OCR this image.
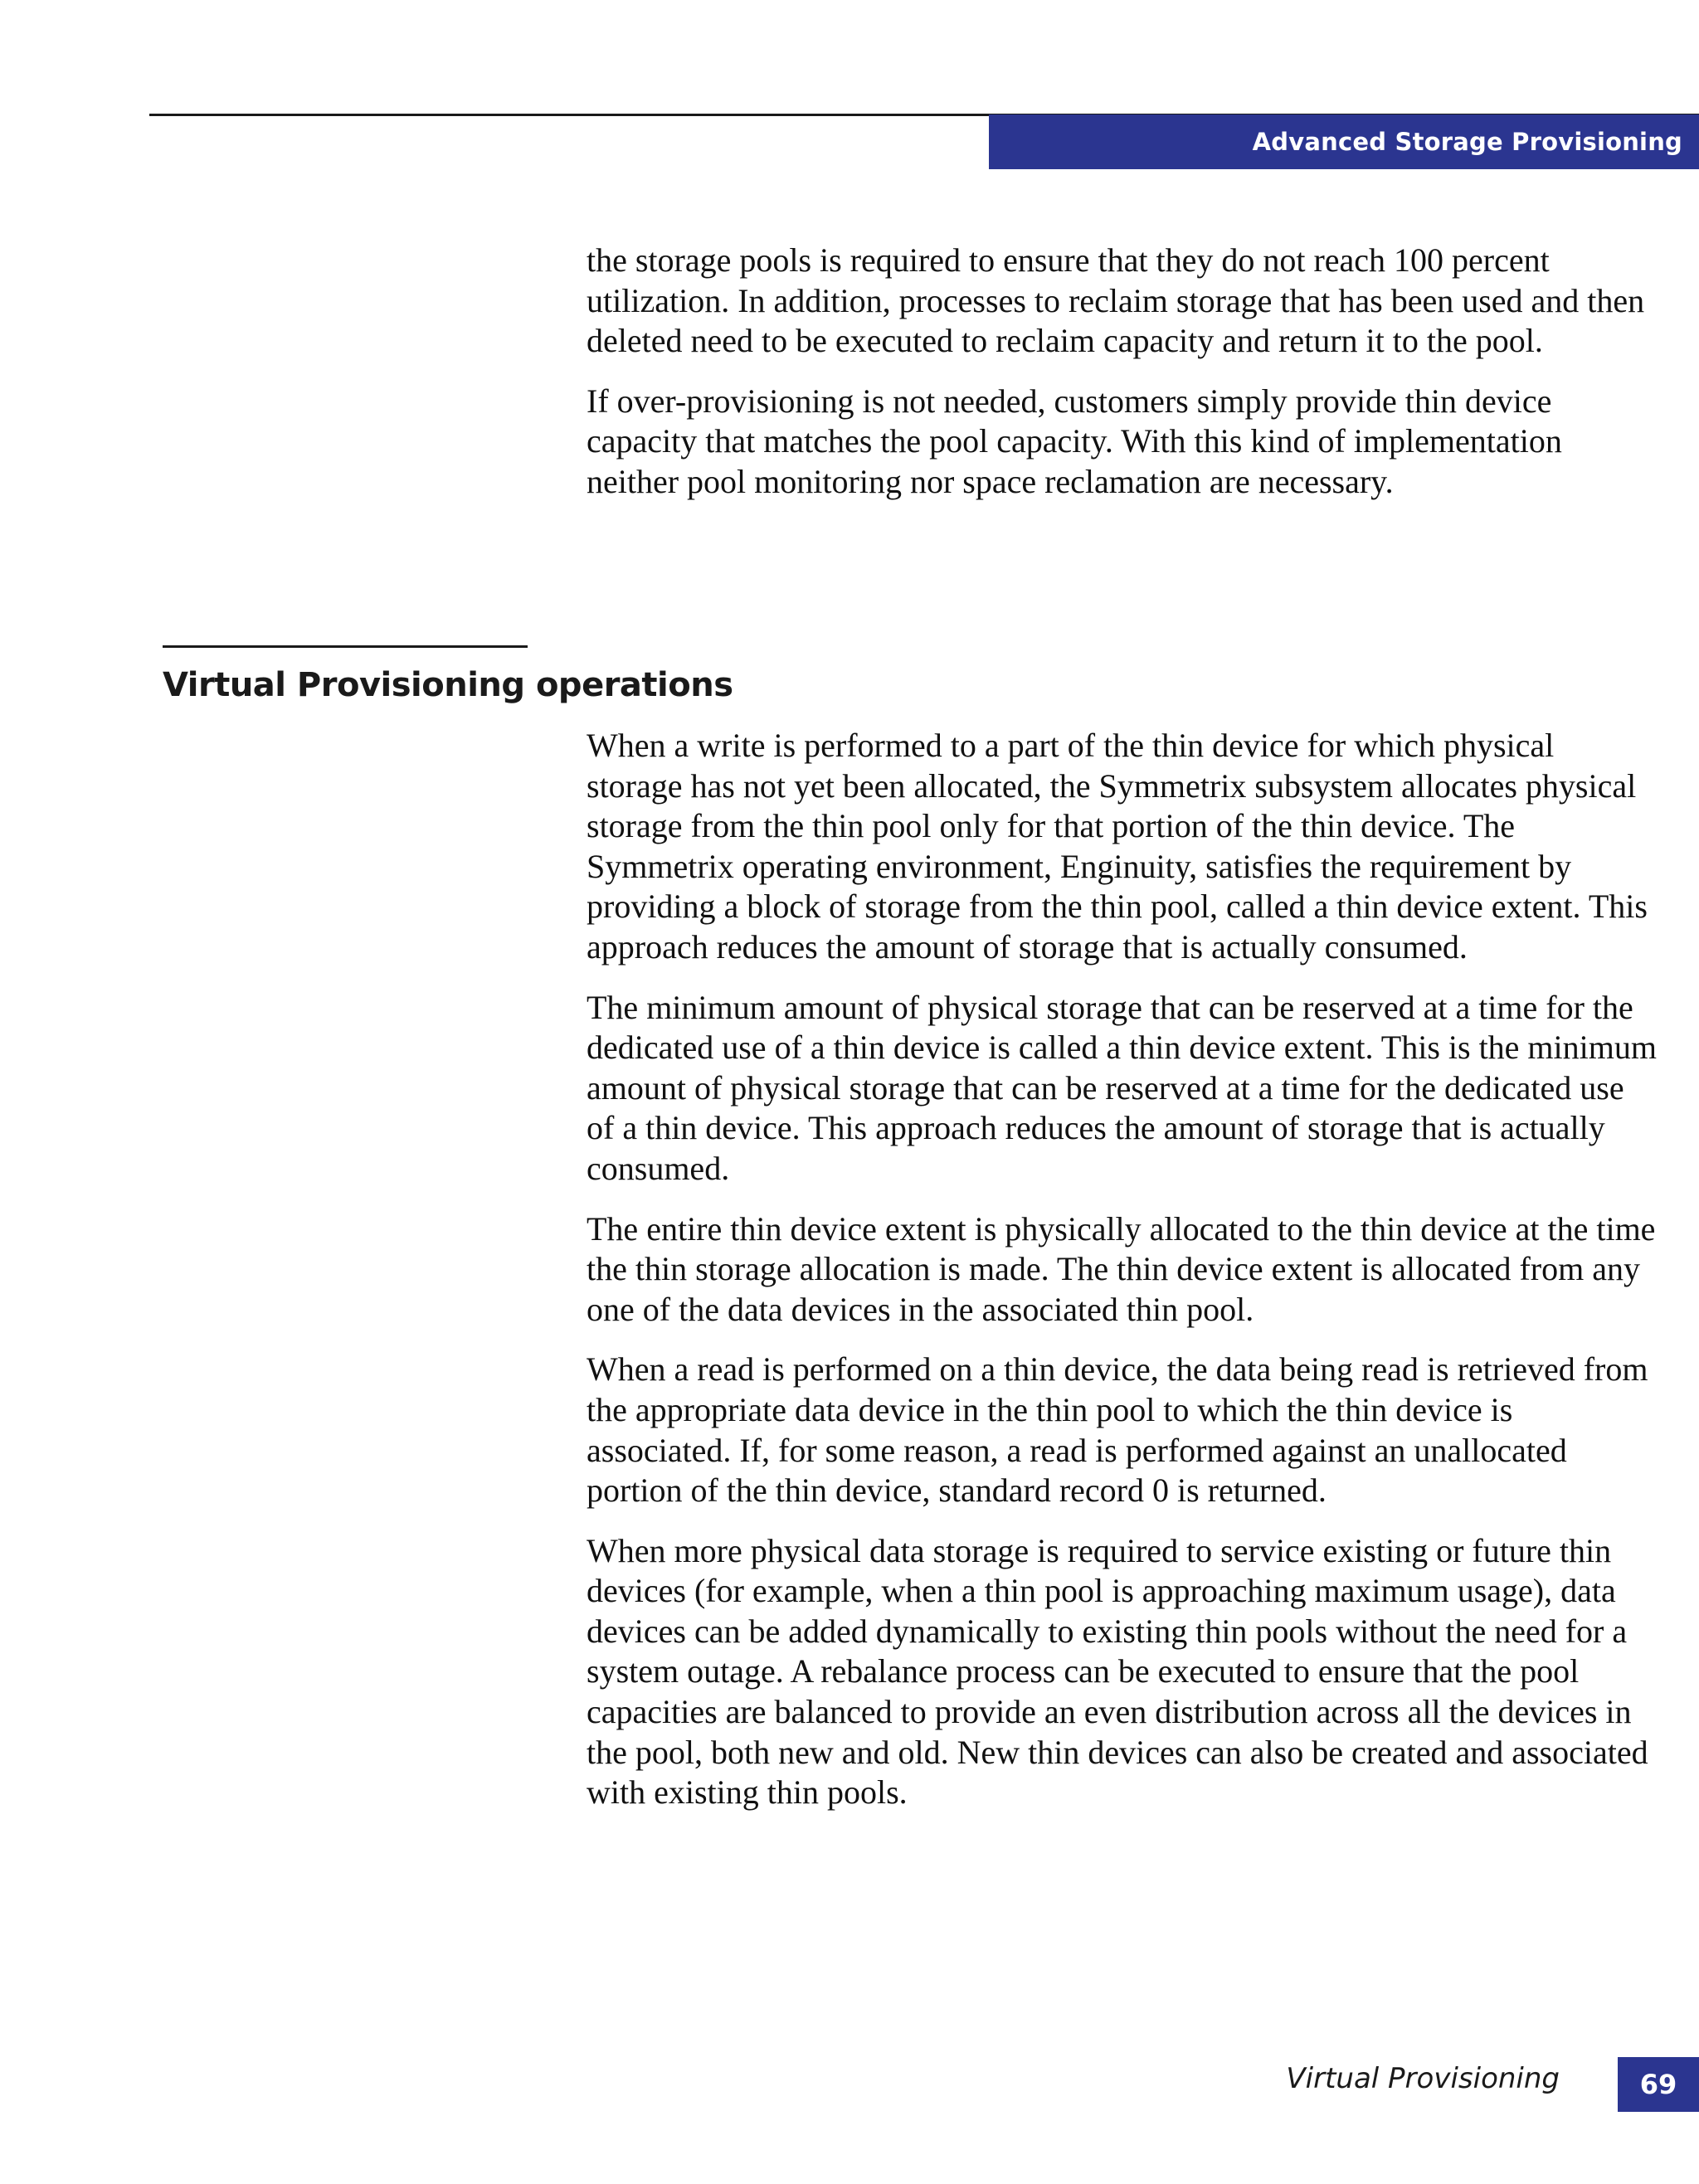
Advanced Storage Provisioning

the storage pools is required to ensure that they do not reach 100 percent utilization. In addition, processes to reclaim storage that has been used and then deleted need to be executed to reclaim capacity and return it to the pool.

If over-provisioning is not needed, customers simply provide thin device capacity that matches the pool capacity. With this kind of implementation neither pool monitoring nor space reclamation are necessary.

Virtual Provisioning operations

When a write is performed to a part of the thin device for which physical storage has not yet been allocated, the Symmetrix subsystem allocates physical storage from the thin pool only for that portion of the thin device. The Symmetrix operating environment, Enginuity, satisfies the requirement by providing a block of storage from the thin pool, called a thin device extent. This approach reduces the amount of storage that is actually consumed.

The minimum amount of physical storage that can be reserved at a time for the dedicated use of a thin device is called a thin device extent. This is the minimum amount of physical storage that can be reserved at a time for the dedicated use of a thin device. This approach reduces the amount of storage that is actually consumed.

The entire thin device extent is physically allocated to the thin device at the time the thin storage allocation is made. The thin device extent is allocated from any one of the data devices in the associated thin pool.

When a read is performed on a thin device, the data being read is retrieved from the appropriate data device in the thin pool to which the thin device is associated. If, for some reason, a read is performed against an unallocated portion of the thin device, standard record 0 is returned.

When more physical data storage is required to service existing or future thin devices (for example, when a thin pool is approaching maximum usage), data devices can be added dynamically to existing thin pools without the need for a system outage. A rebalance process can be executed to ensure that the pool capacities are balanced to provide an even distribution across all the devices in the pool, both new and old. New thin devices can also be created and associated with existing thin pools.

Virtual Provisioning	69
